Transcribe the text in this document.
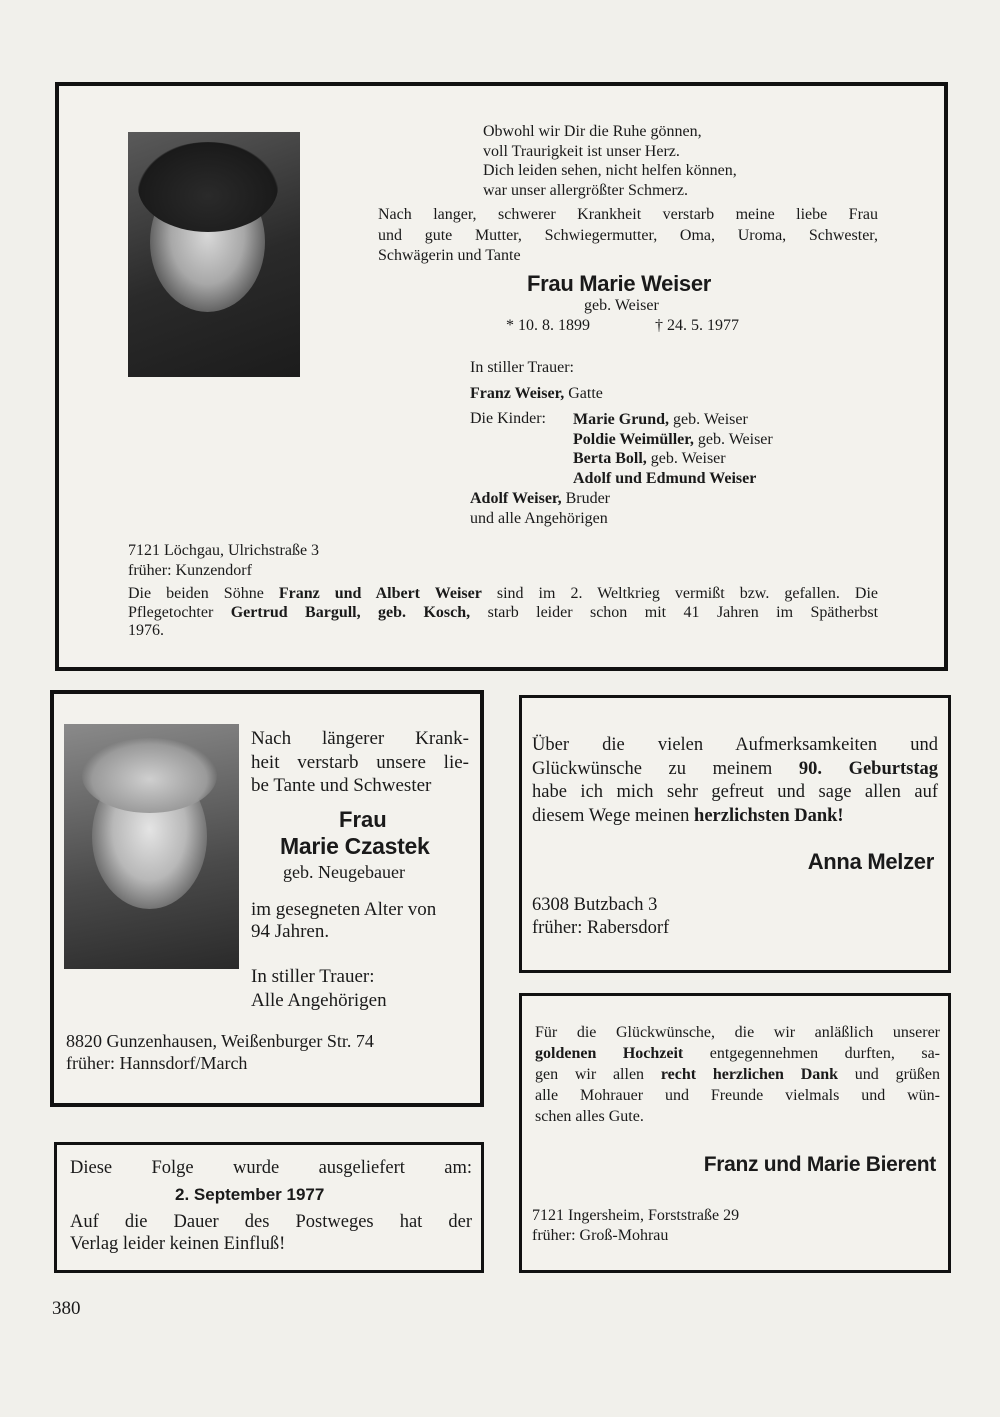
Obwohl wir Dir die Ruhe gönnen,
voll Traurigkeit ist unser Herz.
Dich leiden sehen, nicht helfen können,
war unser allergrößter Schmerz.
Nach langer, schwerer Krankheit verstarb meine liebe Frau
und gute Mutter, Schwiegermutter, Oma, Uroma, Schwester,
Schwägerin und Tante
Frau Marie Weiser
geb. Weiser
* 10. 8. 1899	† 24. 5. 1977
In stiller Trauer:
Franz Weiser, Gatte
Die Kinder: Marie Grund, geb. Weiser
Poldie Weimüller, geb. Weiser
Berta Boll, geb. Weiser
Adolf und Edmund Weiser
Adolf Weiser, Bruder
und alle Angehörigen
7121 Löchgau, Ulrichstraße 3
früher: Kunzendorf
Die beiden Söhne Franz und Albert Weiser sind im 2. Weltkrieg vermißt bzw. gefallen. Die
Pflegetochter Gertrud Bargull, geb. Kosch, starb leider schon mit 41 Jahren im Spätherbst
1976.
Nach längerer Krank-
heit verstarb unsere lie-
be Tante und Schwester
Frau
Marie Czastek
geb. Neugebauer
im gesegneten Alter von
94 Jahren.
In stiller Trauer:
Alle Angehörigen
8820 Gunzenhausen, Weißenburger Str. 74
früher: Hannsdorf/March
Über die vielen Aufmerksamkeiten und
Glückwünsche zu meinem 90. Geburtstag
habe ich mich sehr gefreut und sage allen auf
diesem Wege meinen herzlichsten Dank!
Anna Melzer
6308 Butzbach 3
früher: Rabersdorf
Für die Glückwünsche, die wir anläßlich unserer
goldenen Hochzeit entgegennehmen durften, sa-
gen wir allen recht herzlichen Dank und grüßen
alle Mohrauer und Freunde vielmals und wün-
schen alles Gute.
Franz und Marie Bierent
7121 Ingersheim, Forststraße 29
früher: Groß-Mohrau
Diese Folge wurde ausgeliefert am:
2. September 1977
Auf die Dauer des Postweges hat der
Verlag leider keinen Einfluß!
380
